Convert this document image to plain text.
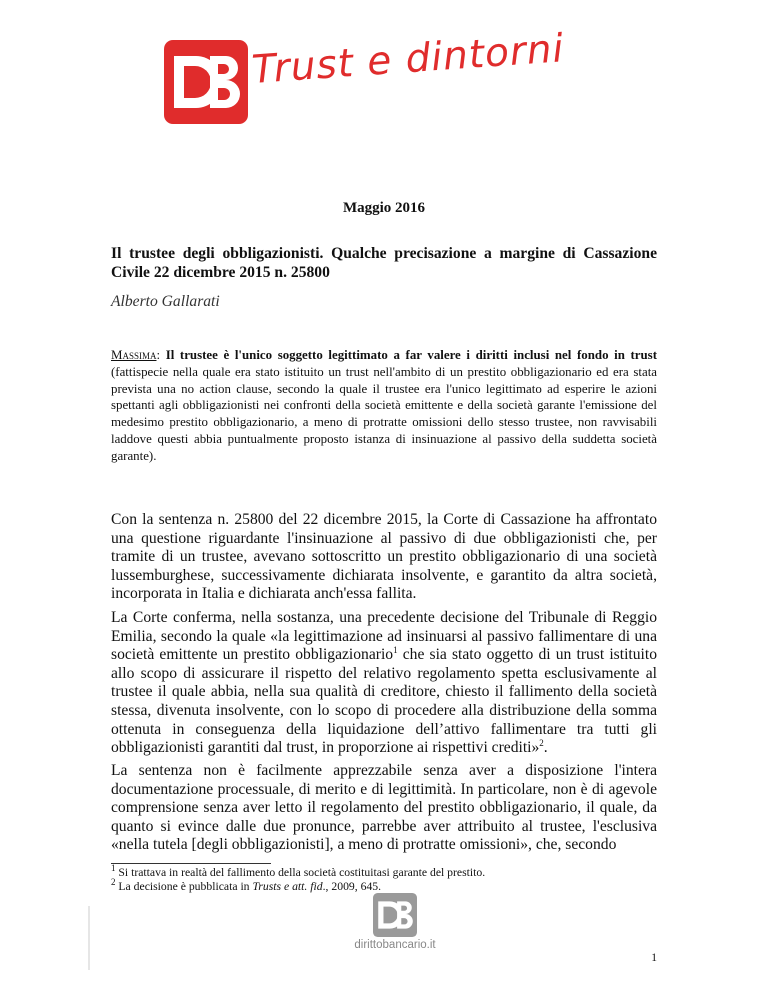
Trust e dintorni
Maggio 2016
Il trustee degli obbligazionisti. Qualche precisazione a margine di Cassazione Civile 22 dicembre 2015 n. 25800
Alberto Gallarati
Massima: Il trustee è l'unico soggetto legittimato a far valere i diritti inclusi nel fondo in trust (fattispecie nella quale era stato istituito un trust nell'ambito di un prestito obbligazionario ed era stata prevista una no action clause, secondo la quale il trustee era l'unico legittimato ad esperire le azioni spettanti agli obbligazionisti nei confronti della società emittente e della società garante l'emissione del medesimo prestito obbligazionario, a meno di protratte omissioni dello stesso trustee, non ravvisabili laddove questi abbia puntualmente proposto istanza di insinuazione al passivo della suddetta società garante).
Con la sentenza n. 25800 del 22 dicembre 2015, la Corte di Cassazione ha affrontato una questione riguardante l'insinuazione al passivo di due obbligazionisti che, per tramite di un trustee, avevano sottoscritto un prestito obbligazionario di una società lussemburghese, successivamente dichiarata insolvente, e garantito da altra società, incorporata in Italia e dichiarata anch'essa fallita.
La Corte conferma, nella sostanza, una precedente decisione del Tribunale di Reggio Emilia, secondo la quale «la legittimazione ad insinuarsi al passivo fallimentare di una società emittente un prestito obbligazionario$^1$ che sia stato oggetto di un trust istituito allo scopo di assicurare il rispetto del relativo regolamento spetta esclusivamente al trustee il quale abbia, nella sua qualità di creditore, chiesto il fallimento della società stessa, divenuta insolvente, con lo scopo di procedere alla distribuzione della somma ottenuta in conseguenza della liquidazione dell’attivo fallimentare tra tutti gli obbligazionisti garantiti dal trust, in proporzione ai rispettivi crediti»$^2$.
La sentenza non è facilmente apprezzabile senza aver a disposizione l'intera documentazione processuale, di merito e di legittimità. In particolare, non è di agevole comprensione senza aver letto il regolamento del prestito obbligazionario, il quale, da quanto si evince dalle due pronunce, parrebbe aver attribuito al trustee, l'esclusiva «nella tutela [degli obbligazionisti], a meno di protratte omissioni», che, secondo
$^1$ Si trattava in realtà del fallimento della società costituitasi garante del prestito.
$^2$ La decisione è pubblicata in Trusts e att. fid., 2009, 645.
dirittobancario.it
1
